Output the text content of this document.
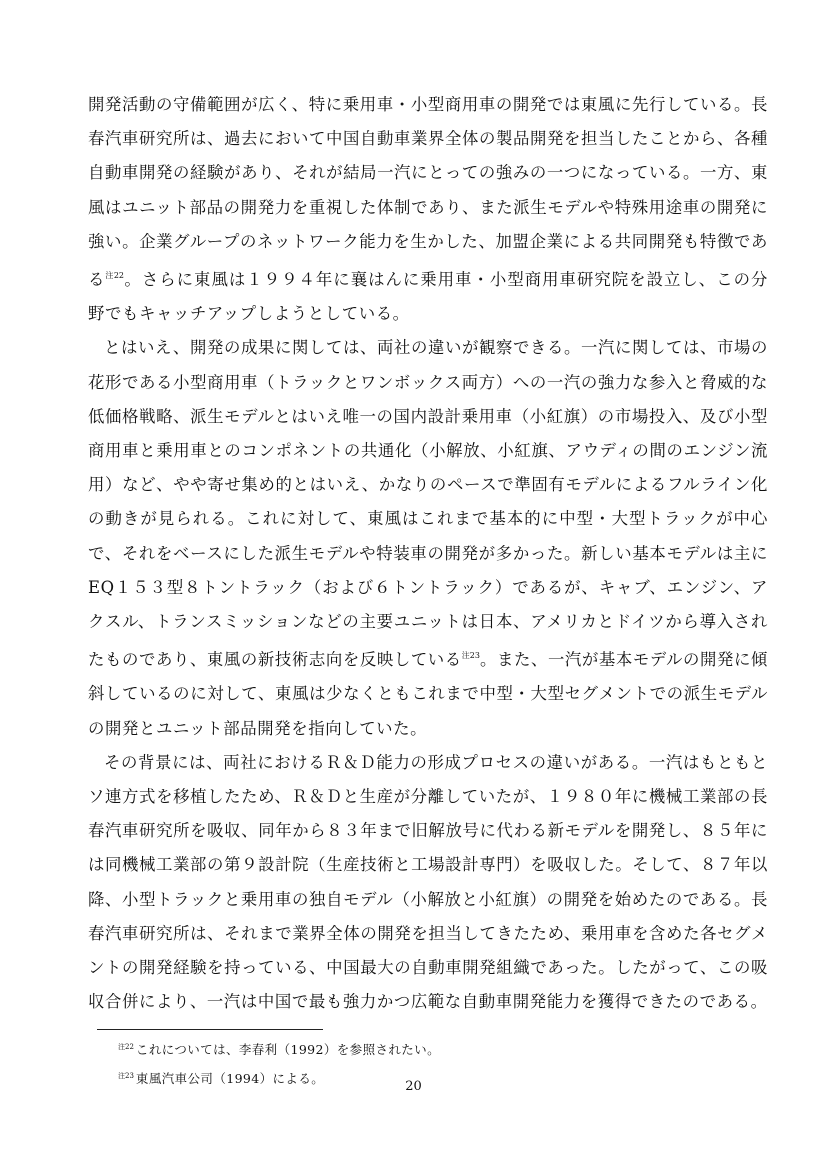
開発活動の守備範囲が広く、特に乗用車・小型商用車の開発では東風に先行している。長春汽車研究所は、過去において中国自動車業界全体の製品開発を担当したことから、各種自動車開発の経験があり、それが結局一汽にとっての強みの一つになっている。一方、東風はユニット部品の開発力を重視した体制であり、また派生モデルや特殊用途車の開発に強い。企業グループのネットワーク能力を生かした、加盟企業による共同開発も特徴である$^{注22}$。さらに東風は１９９４年に襄はんに乗用車・小型商用車研究院を設立し、この分野でもキャッチアップしようとしている。

とはいえ、開発の成果に関しては、両社の違いが観察できる。一汽に関しては、市場の花形である小型商用車（トラックとワンボックス両方）への一汽の強力な参入と脅威的な低価格戦略、派生モデルとはいえ唯一の国内設計乗用車（小紅旗）の市場投入、及び小型商用車と乗用車とのコンポネントの共通化（小解放、小紅旗、アウディの間のエンジン流用）など、やや寄せ集め的とはいえ、かなりのペースで準固有モデルによるフルライン化の動きが見られる。これに対して、東風はこれまで基本的に中型・大型トラックが中心で、それをベースにした派生モデルや特装車の開発が多かった。新しい基本モデルは主にEQ１５３型８トントラック（および６トントラック）であるが、キャブ、エンジン、アクスル、トランスミッションなどの主要ユニットは日本、アメリカとドイツから導入されたものであり、東風の新技術志向を反映している$^{注23}$。また、一汽が基本モデルの開発に傾斜しているのに対して、東風は少なくともこれまで中型・大型セグメントでの派生モデルの開発とユニット部品開発を指向していた。

その背景には、両社におけるＲ＆Ｄ能力の形成プロセスの違いがある。一汽はもともとソ連方式を移植したため、Ｒ＆Ｄと生産が分離していたが、１９８０年に機械工業部の長春汽車研究所を吸収、同年から８３年まで旧解放号に代わる新モデルを開発し、８５年には同機械工業部の第９設計院（生産技術と工場設計専門）を吸収した。そして、８７年以降、小型トラックと乗用車の独自モデル（小解放と小紅旗）の開発を始めたのである。長春汽車研究所は、それまで業界全体の開発を担当してきたため、乗用車を含めた各セグメントの開発経験を持っている、中国最大の自動車開発組織であった。したがって、この吸収合併により、一汽は中国で最も強力かつ広範な自動車開発能力を獲得できたのである。

$^{注22}$ これについては、李春利（1992）を参照されたい。
$^{注23}$ 東風汽車公司（1994）による。
20
